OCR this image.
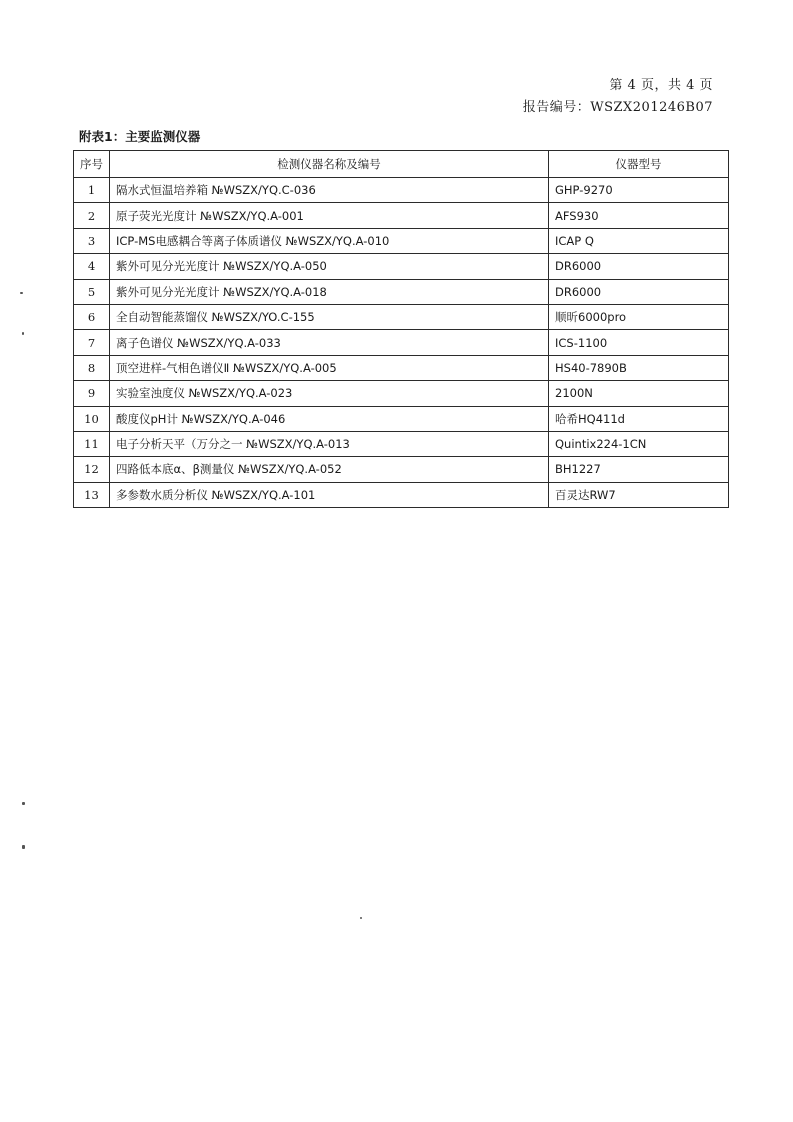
第 4 页，共 4 页
报告编号：WSZX201246B07
附表1：主要监测仪器
序号	检测仪器名称及编号	仪器型号
1	隔水式恒温培养箱 №WSZX/YQ.C-036	GHP-9270
2	原子荧光光度计 №WSZX/YQ.A-001	AFS930
3	ICP-MS电感耦合等离子体质谱仪 №WSZX/YQ.A-010	ICAP Q
4	紫外可见分光光度计 №WSZX/YQ.A-050	DR6000
5	紫外可见分光光度计 №WSZX/YQ.A-018	DR6000
6	全自动智能蒸馏仪 №WSZX/YO.C-155	顺昕6000pro
7	离子色谱仪 №WSZX/YQ.A-033	ICS-1100
8	顶空进样-气相色谱仪Ⅱ №WSZX/YQ.A-005	HS40-7890B
9	实验室浊度仪 №WSZX/YQ.A-023	2100N
10	酸度仪pH计 №WSZX/YQ.A-046	哈希HQ411d
11	电子分析天平（万分之一 №WSZX/YQ.A-013	Quintix224-1CN
12	四路低本底α、β测量仪 №WSZX/YQ.A-052	BH1227
13	多参数水质分析仪 №WSZX/YQ.A-101	百灵达RW7
